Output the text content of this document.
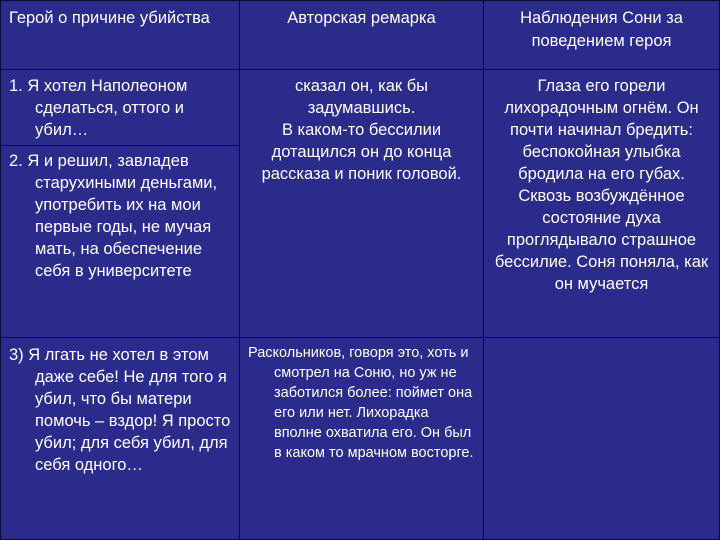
Герой о причине убийства	Авторская ремарка	Наблюдения Сони за поведением героя

1. Я хотел Наполеоном сделаться, оттого и убил…

2. Я и решил, завладев старухиными деньгами, употребить их на мои первые годы, не мучая мать, на обеспечение себя в университете

сказал он, как бы задумавшись.

В каком-то бессилии дотащился он до конца рассказа и поник головой.

Глаза его горели лихорадочным огнём. Он почти начинал бредить: беспокойная улыбка бродила на его губах. Сквозь возбуждённое состояние духа проглядывало страшное бессилие. Соня поняла, как он мучается

3) Я лгать не хотел в этом даже себе! Не для того я убил, что бы матери помочь – вздор! Я просто убил; для себя убил, для себя одного…

Раскольников, говоря это, хоть и смотрел на Соню, но уж не заботился более: поймет она его или нет. Лихорадка вполне охватила его. Он был в каком то мрачном восторге.
